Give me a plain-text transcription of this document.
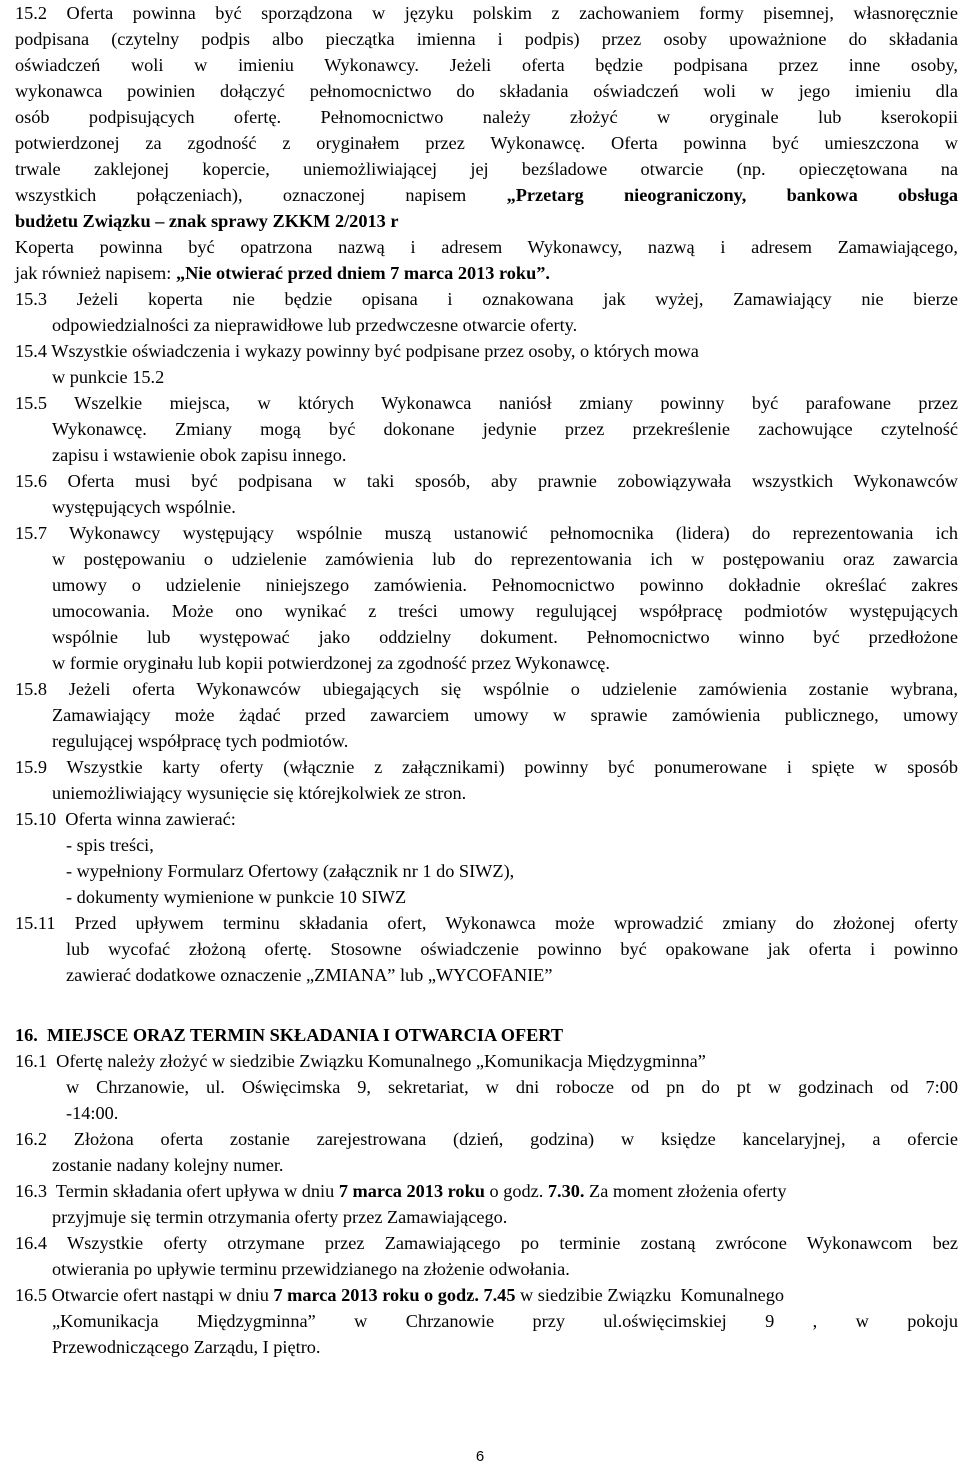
15.2 Oferta powinna być sporządzona w języku polskim z zachowaniem formy pisemnej, własnoręcznie
podpisana (czytelny podpis albo pieczątka imienna i podpis) przez osoby upoważnione do składania
oświadczeń woli w imieniu Wykonawcy. Jeżeli oferta będzie podpisana przez inne osoby,
wykonawca powinien dołączyć pełnomocnictwo do składania oświadczeń woli w jego imieniu dla
osób podpisujących ofertę. Pełnomocnictwo należy złożyć w oryginale lub kserokopii
potwierdzonej za zgodność z oryginałem przez Wykonawcę. Oferta powinna być umieszczona w
trwale zaklejonej kopercie, uniemożliwiającej jej bezśladowe otwarcie (np. opieczętowana na
wszystkich połączeniach), oznaczonej napisem „Przetarg nieograniczony, bankowa obsługa
budżetu Związku – znak sprawy ZKKM 2/2013 r
Koperta powinna być opatrzona nazwą i adresem Wykonawcy, nazwą i adresem Zamawiającego,
jak również napisem: „Nie otwierać przed dniem 7 marca 2013 roku”.
15.3 Jeżeli koperta nie będzie opisana i oznakowana jak wyżej, Zamawiający nie bierze
odpowiedzialności za nieprawidłowe lub przedwczesne otwarcie oferty.
15.4 Wszystkie oświadczenia i wykazy powinny być podpisane przez osoby, o których mowa
w punkcie 15.2
15.5 Wszelkie miejsca, w których Wykonawca naniósł zmiany powinny być parafowane przez
Wykonawcę. Zmiany mogą być dokonane jedynie przez przekreślenie zachowujące czytelność
zapisu i wstawienie obok zapisu innego.
15.6 Oferta musi być podpisana w taki sposób, aby prawnie zobowiązywała wszystkich Wykonawców
występujących wspólnie.
15.7 Wykonawcy występujący wspólnie muszą ustanowić pełnomocnika (lidera) do reprezentowania ich
w postępowaniu o udzielenie zamówienia lub do reprezentowania ich w postępowaniu oraz zawarcia
umowy o udzielenie niniejszego zamówienia. Pełnomocnictwo powinno dokładnie określać zakres
umocowania. Może ono wynikać z treści umowy regulującej współpracę podmiotów występujących
wspólnie lub występować jako oddzielny dokument. Pełnomocnictwo winno być przedłożone
w formie oryginału lub kopii potwierdzonej za zgodność przez Wykonawcę.
15.8 Jeżeli oferta Wykonawców ubiegających się wspólnie o udzielenie zamówienia zostanie wybrana,
Zamawiający może żądać przed zawarciem umowy w sprawie zamówienia publicznego, umowy
regulującej współpracę tych podmiotów.
15.9 Wszystkie karty oferty (włącznie z załącznikami) powinny być ponumerowane i spięte w sposób
uniemożliwiający wysunięcie się którejkolwiek ze stron.
15.10  Oferta winna zawierać:
- spis treści,
- wypełniony Formularz Ofertowy (załącznik nr 1 do SIWZ),
- dokumenty wymienione w punkcie 10 SIWZ
15.11 Przed upływem terminu składania ofert, Wykonawca może wprowadzić zmiany do złożonej oferty
lub wycofać złożoną ofertę. Stosowne oświadczenie powinno być opakowane jak oferta i powinno
zawierać dodatkowe oznaczenie „ZMIANA” lub „WYCOFANIE”
16.  MIEJSCE ORAZ TERMIN SKŁADANIA I OTWARCIA OFERT
16.1  Ofertę należy złożyć w siedzibie Związku Komunalnego „Komunikacja Międzygminna”
w Chrzanowie, ul. Oświęcimska 9, sekretariat, w dni robocze od pn do pt w godzinach od 7:00
-14:00.
16.2 Złożona oferta zostanie zarejestrowana (dzień, godzina) w księdze kancelaryjnej, a ofercie
zostanie nadany kolejny numer.
16.3  Termin składania ofert upływa w dniu 7 marca 2013 roku o godz. 7.30. Za moment złożenia oferty
przyjmuje się termin otrzymania oferty przez Zamawiającego.
16.4 Wszystkie oferty otrzymane przez Zamawiającego po terminie zostaną zwrócone Wykonawcom bez
otwierania po upływie terminu przewidzianego na złożenie odwołania.
16.5 Otwarcie ofert nastąpi w dniu 7 marca 2013 roku o godz. 7.45 w siedzibie Związku  Komunalnego
„Komunikacja Międzygminna” w Chrzanowie przy ul.oświęcimskiej 9 , w pokoju
Przewodniczącego Zarządu, I piętro.
6
